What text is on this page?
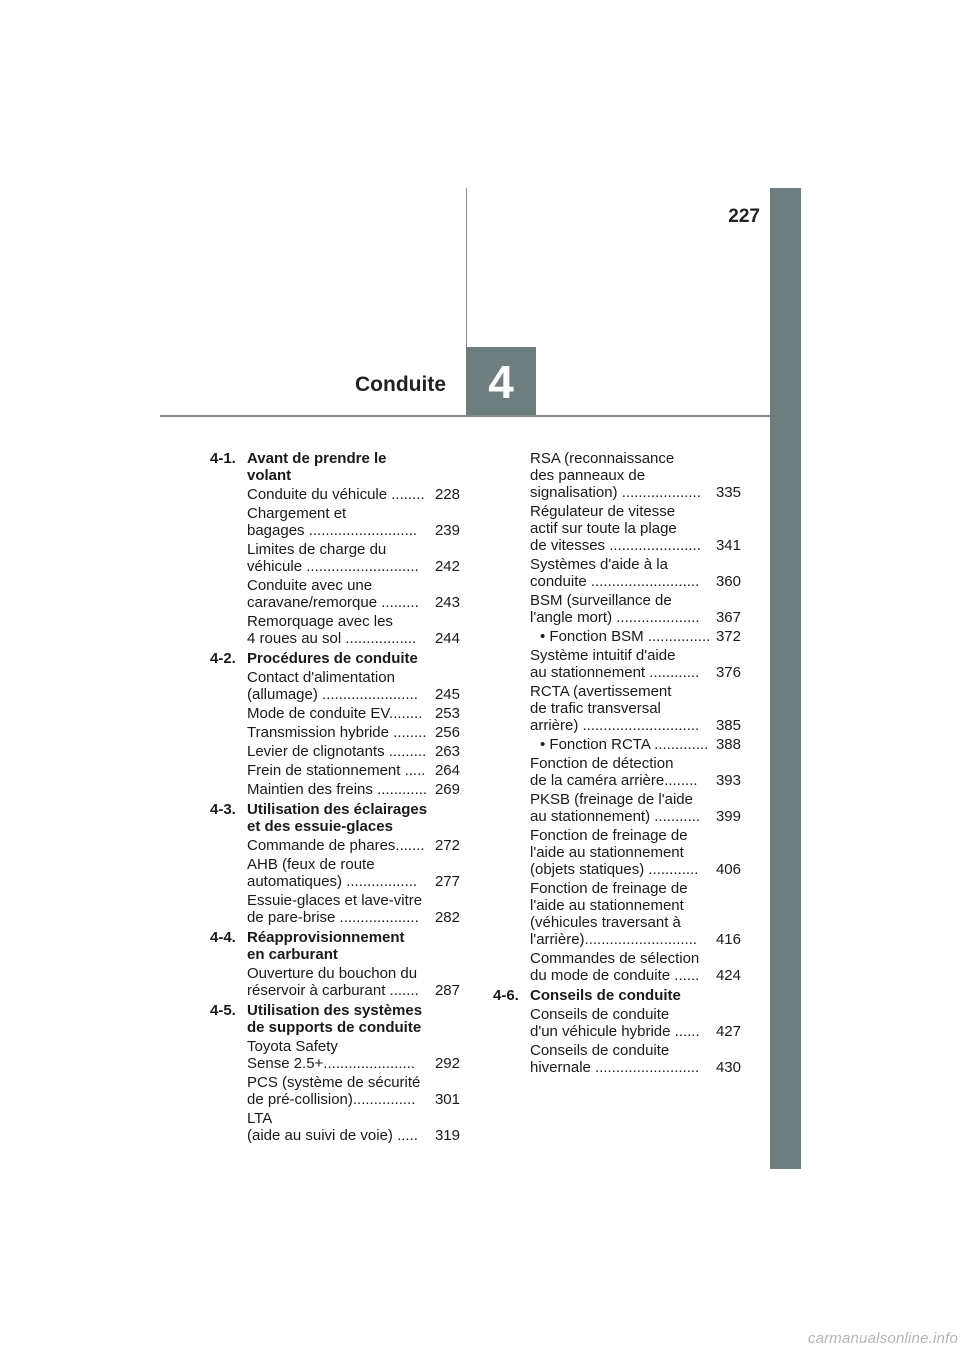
227
Conduite 4
4-1. Avant de prendre le
volant
Conduite du véhicule ........ 228
Chargement et
bagages ..........................	239
Limites de charge du
véhicule ...........................	242
Conduite avec une
caravane/remorque .........	243
Remorquage avec les
4 roues au sol .................	244
4-2. Procédures de conduite
Contact d'alimentation
(allumage) .......................	245
Mode de conduite EV........ 253
Transmission hybride ........ 256
Levier de clignotants ......... 263
Frein de stationnement ..... 264
Maintien des freins ............ 269
4-3. Utilisation des éclairages
et des essuie-glaces
Commande de phares....... 272
AHB (feux de route
automatiques) .................	277
Essuie-glaces et lave-vitre
de pare-brise ...................	282
4-4. Réapprovisionnement
en carburant
Ouverture du bouchon du
réservoir à carburant .......	287
4-5. Utilisation des systèmes
de supports de conduite
Toyota Safety
Sense 2.5+......................	292
PCS (système de sécurité
de pré-collision)...............	301
LTA
(aide au suivi de voie) .....	319
RSA (reconnaissance
des panneaux de
signalisation) ...................	335
Régulateur de vitesse
actif sur toute la plage
de vitesses ......................	341
Systèmes d'aide à la
conduite ..........................	360
BSM (surveillance de
l'angle mort) ....................	367
• Fonction BSM ............... 372
Système intuitif d'aide
au stationnement ............	376
RCTA (avertissement
de trafic transversal
arrière) ............................	385
• Fonction RCTA ............. 388
Fonction de détection
de la caméra arrière........	393
PKSB (freinage de l'aide
au stationnement) ...........	399
Fonction de freinage de
l'aide au stationnement
(objets statiques) ............	406
Fonction de freinage de
l'aide au stationnement
(véhicules traversant à
l'arrière)...........................	416
Commandes de sélection
du mode de conduite ......	424
4-6. Conseils de conduite
Conseils de conduite
d'un véhicule hybride ......	427
Conseils de conduite
hivernale .........................	430
carmanualsonline.info
